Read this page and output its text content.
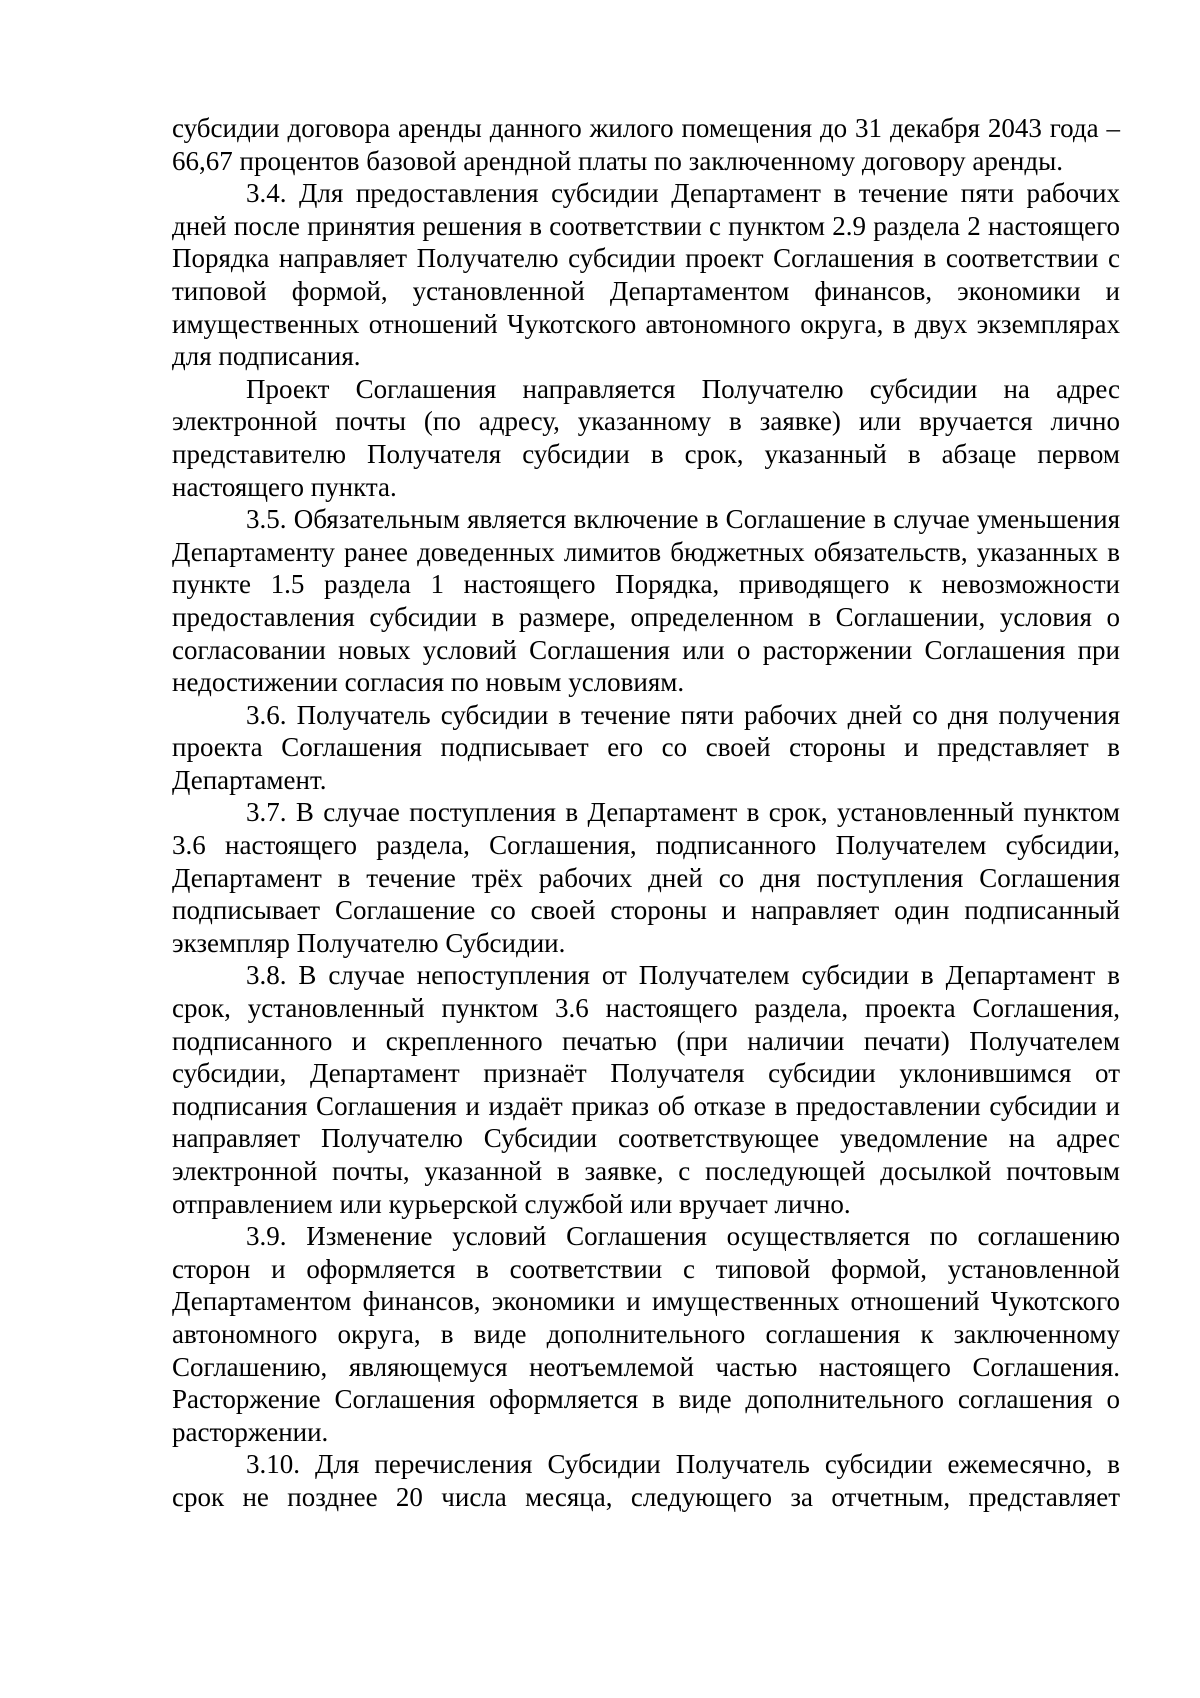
субсидии договора аренды данного жилого помещения до 31 декабря 2043 года – 66,67 процентов базовой арендной платы по заключенному договору аренды.

3.4. Для предоставления субсидии Департамент в течение пяти рабочих дней после принятия решения в соответствии с пунктом 2.9 раздела 2 настоящего Порядка направляет Получателю субсидии проект Соглашения в соответствии с типовой формой, установленной Департаментом финансов, экономики и имущественных отношений Чукотского автономного округа, в двух экземплярах для подписания.

Проект Соглашения направляется Получателю субсидии на адрес электронной почты (по адресу, указанному в заявке) или вручается лично представителю Получателя субсидии в срок, указанный в абзаце первом настоящего пункта.

3.5. Обязательным является включение в Соглашение в случае уменьшения Департаменту ранее доведенных лимитов бюджетных обязательств, указанных в пункте 1.5 раздела 1 настоящего Порядка, приводящего к невозможности предоставления субсидии в размере, определенном в Соглашении, условия о согласовании новых условий Соглашения или о расторжении Соглашения при недостижении согласия по новым условиям.

3.6. Получатель субсидии в течение пяти рабочих дней со дня получения проекта Соглашения подписывает его со своей стороны и представляет в Департамент.

3.7. В случае поступления в Департамент в срок, установленный пунктом 3.6 настоящего раздела, Соглашения, подписанного Получателем субсидии, Департамент в течение трёх рабочих дней со дня поступления Соглашения подписывает Соглашение со своей стороны и направляет один подписанный экземпляр Получателю Субсидии.

3.8. В случае непоступления от Получателем субсидии в Департамент в срок, установленный пунктом 3.6 настоящего раздела, проекта Соглашения, подписанного и скрепленного печатью (при наличии печати) Получателем субсидии, Департамент признаёт Получателя субсидии уклонившимся от подписания Соглашения и издаёт приказ об отказе в предоставлении субсидии и направляет Получателю Субсидии соответствующее уведомление на адрес электронной почты, указанной в заявке, с последующей досылкой почтовым отправлением или курьерской службой или вручает лично.

3.9. Изменение условий Соглашения осуществляется по соглашению сторон и оформляется в соответствии с типовой формой, установленной Департаментом финансов, экономики и имущественных отношений Чукотского автономного округа, в виде дополнительного соглашения к заключенному Соглашению, являющемуся неотъемлемой частью настоящего Соглашения. Расторжение Соглашения оформляется в виде дополнительного соглашения о расторжении.

3.10. Для перечисления Субсидии Получатель субсидии ежемесячно, в срок не позднее 20 числа месяца, следующего за отчетным, представляет
